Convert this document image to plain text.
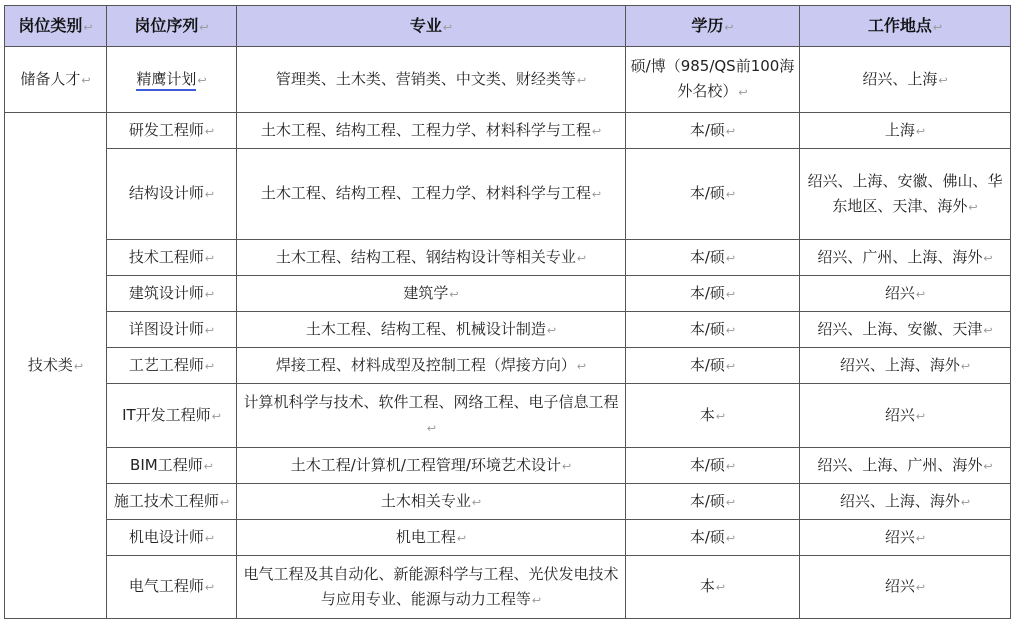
岗位类别↩	岗位序列↩	专业↩	学历↩	工作地点↩
储备人才↩	精鹰计划↩	管理类、土木类、营销类、中文类、财经类等↩	硕/博（985/QS前100海外名校）↩	绍兴、上海↩
技术类↩	研发工程师↩	土木工程、结构工程、工程力学、材料科学与工程↩	本/硕↩	上海↩
	结构设计师↩	土木工程、结构工程、工程力学、材料科学与工程↩	本/硕↩	绍兴、上海、安徽、佛山、华东地区、天津、海外↩
	技术工程师↩	土木工程、结构工程、钢结构设计等相关专业↩	本/硕↩	绍兴、广州、上海、海外↩
	建筑设计师↩	建筑学↩	本/硕↩	绍兴↩
	详图设计师↩	土木工程、结构工程、机械设计制造↩	本/硕↩	绍兴、上海、安徽、天津↩
	工艺工程师↩	焊接工程、材料成型及控制工程（焊接方向）↩	本/硕↩	绍兴、上海、海外↩
	IT开发工程师↩	计算机科学与技术、软件工程、网络工程、电子信息工程↩	本↩	绍兴↩
	BIM工程师↩	土木工程/计算机/工程管理/环境艺术设计↩	本/硕↩	绍兴、上海、广州、海外↩
	施工技术工程师↩	土木相关专业↩	本/硕↩	绍兴、上海、海外↩
	机电设计师↩	机电工程↩	本/硕↩	绍兴↩
	电气工程师↩	电气工程及其自动化、新能源科学与工程、光伏发电技术与应用专业、能源与动力工程等↩	本↩	绍兴↩
